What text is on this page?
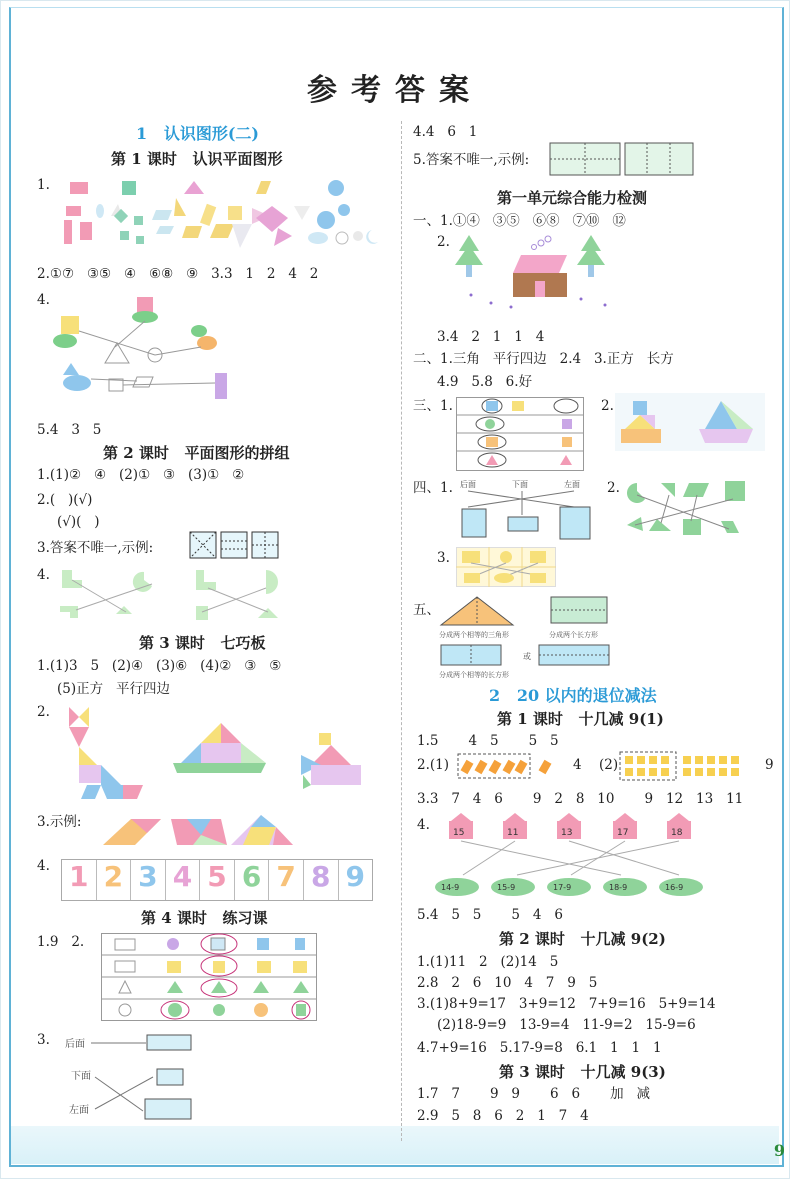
9
参考答案
1   认识图形(二)
第 1 课时   认识平面图形
1.
2.①⑦   ③⑤   ④   ⑥⑧   ⑨   3.3   1   2   4   2
4.
5.4   3   5
第 2 课时   平面图形的拼组
1.(1)②   ④   (2)①   ③   (3)①   ②
2.(   )(√)
(√)(   )
3.答案不唯一,示例:
4.
第 3 课时   七巧板
1.(1)3   5   (2)④   (3)⑥   (4)②   ③   ⑤
(5)正方   平行四边
2.
3.示例:
4. 1 2 3 4 5 6 7 8 9
第 4 课时   练习课
1.9   2.
3. 后面
下面
左面
4.4   6   1
5.答案不唯一,示例:
第一单元综合能力检测
一、1.①④   ③⑤   ⑥⑧   ⑦⑩   ⑫
2.
3.4   2   1   1   4
二、1.三角   平行四边   2.4   3.正方   长方
4.9   5.8   6.好
三、1.	2.
四、1. 后面	下面	左面 2.
3.
五、
分成两个相等的三角形	分成两个长方形
或
分成两个相等的长方形
2   20 以内的退位减法
第 1 课时   十几减 9(1)
1.5       4   5       5   5
2.(1)	4 (2)	9
3.3   7   4   6       9   2   8   10       9   12   13   11
4.	15	11	13	17	18
14-9	15-9	17-9	18-9	16-9
5.4   5   5       5   4   6
第 2 课时   十几减 9(2)
1.(1)11   2   (2)14   5
2.8   2   6   10   4   7   9   5
3.(1)8+9=17   3+9=12   7+9=16   5+9=14
(2)18-9=9   13-9=4   11-9=2   15-9=6
4.7+9=16   5.17-9=8   6.1   1   1   1
第 3 课时   十几减 9(3)
1.7   7       9   9       6   6       加   减
2.9   5   8   6   2   1   7   4
